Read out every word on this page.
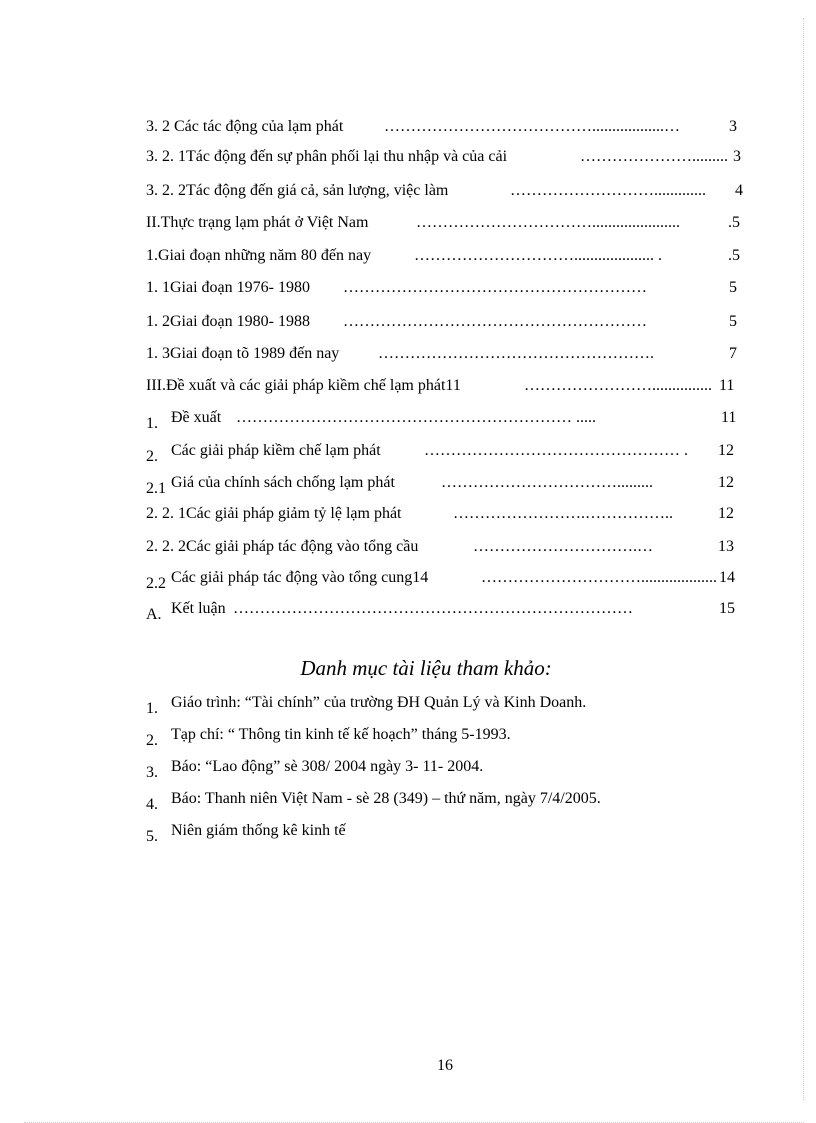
3. 2 Các tác động của lạm phát	…………………………………..................…	3
3. 2. 1Tác động đến sự phân phối lại thu nhập và của cải	…………………......... 3
3. 2. 2Tác động đến giá cả, sản lượng, việc làm	……………………….............	4
II.Thực trạng lạm phát ở Việt Nam	……………………………......................	.5
1.Giai đoạn những năm 80 đến nay	………………………….................... .	.5
1. 1Giai đoạn 1976- 1980 …………………………………………………	5
1. 2Giai đoạn 1980- 1988 …………………………………………………	5
1. 3Giai đoạn tõ 1989 đến nay …………………………………………….	7
III.Đề xuất và các giải pháp kiềm chế lạm phát11	……………………............... 11
1. Đề xuất ……………………………………………………… .....	11
2. Các giải pháp kiềm chế lạm phát	………………………………………… .	12
2.1 Giá của chính sách chống lạm phát	…………………………….........	12
2. 2. 1Các giải pháp giảm tỷ lệ lạm phát	…………………….……………..	12
2. 2. 2Các giải pháp tác động vào tổng cầu	………………………….…	13
2.2 Các giải pháp tác động vào tổng cung14	…………………………................... 14
A. Kết luận …………………………………………………………………	15
Danh mục tài liệu tham khảo:
1. Giáo trình: “Tài chính” của trường ĐH Quản Lý và Kinh Doanh.
2. Tạp chí: “ Thông tin kinh tế kế hoạch” tháng 5-1993.
3. Báo: “Lao động” sè 308/ 2004 ngày 3- 11- 2004.
4. Báo: Thanh niên Việt Nam - sè 28 (349) – thứ năm, ngày 7/4/2005.
5. Niên giám thống kê kinh tế
16
